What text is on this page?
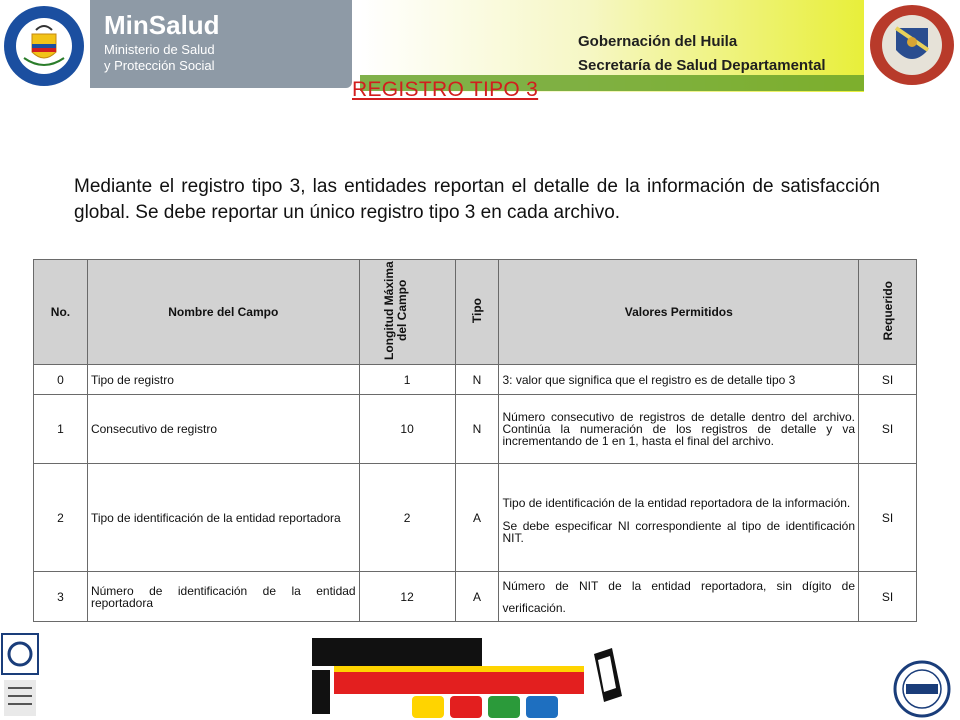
MinSalud
Ministerio de Salud
y Protección Social
Gobernación del Huila
Secretaría de Salud Departamental
REGISTRO TIPO 3
Mediante el registro tipo 3, las entidades reportan el detalle de la información de satisfacción global. Se debe reportar un único registro tipo 3 en cada archivo.
No.	Nombre del Campo	Longitud Máxima del Campo	Tipo	Valores Permitidos	Requerido
0	Tipo de registro	1	N	3: valor que significa que el registro es de detalle tipo 3	SI
1	Consecutivo de registro	10	N	Número consecutivo de registros de detalle dentro del archivo. Continúa la numeración de los registros de detalle y va incrementando de 1 en 1, hasta el final del archivo.	SI
2	Tipo de identificación de la entidad reportadora	2	A	Tipo de identificación de la entidad reportadora de la información.
Se debe especificar NI correspondiente al tipo de identificación NIT.	SI
3	Número de identificación de la entidad reportadora	12	A	Número de NIT de la entidad reportadora, sin dígito de verificación.	SI
